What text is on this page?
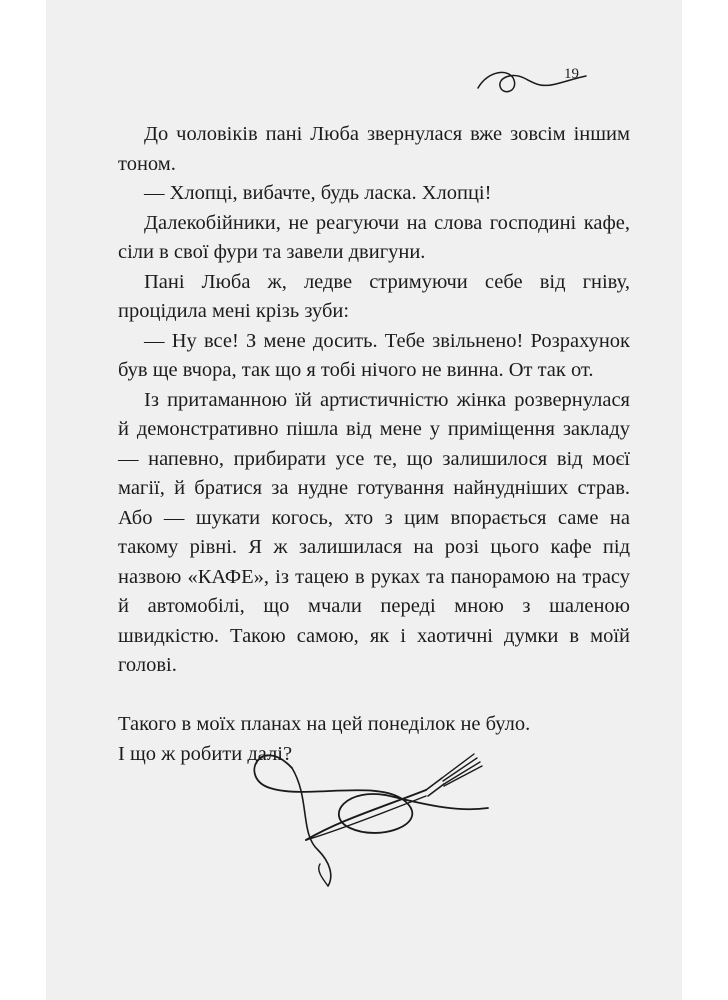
19

До чоловіків пані Люба звернулася вже зовсім іншим тоном.

— Хлопці, вибачте, будь ласка. Хлопці!

Далекобійники, не реагуючи на слова господині кафе, сіли в свої фури та завели двигуни.

Пані Люба ж, ледве стримуючи себе від гніву, процідила мені крізь зуби:

— Ну все! З мене досить. Тебе звільнено! Розрахунок був ще вчора, так що я тобі нічого не винна. От так от.

Із притаманною їй артистичністю жінка розвернулася й демонстративно пішла від мене у приміщення закладу — напевно, прибирати усе те, що залишилося від моєї магії, й братися за нудне готування найнудніших страв. Або — шукати когось, хто з цим впорається саме на такому рівні. Я ж залишилася на розі цього кафе під назвою «КАФЕ», із тацею в руках та панорамою на трасу й автомобілі, що мчали переді мною з шаленою швидкістю. Такою самою, як і хаотичні думки в моїй голові.

Такого в моїх планах на цей понеділок не було.

І що ж робити далі?
